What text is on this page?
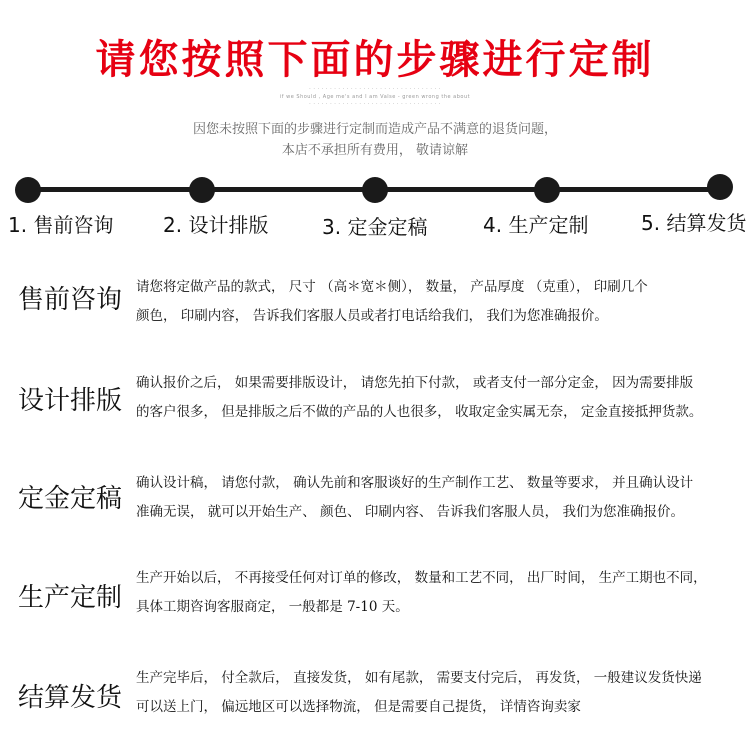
请您按照下面的步骤进行定制
· · · · · · · · · · · · · · · · · · · · · · · · · · · · · · · ·
if we Should , Age me's and I am Valse - green wrong the about
· · · · · · · · · · · · · · · · · · · · · · · · · · · · · · · ·
因您未按照下面的步骤进行定制而造成产品不满意的退货问题，
本店不承担所有费用， 敬请谅解
1. 售前咨询 2. 设计排版	3. 定金定稿	4. 生产定制	5. 结算发货
售前咨询 请您将定做产品的款式， 尺寸 （高＊宽＊侧）， 数量， 产品厚度 （克重）， 印刷几个
颜色， 印刷内容， 告诉我们客服人员或者打电话给我们， 我们为您准确报价。
设计排版
确认报价之后， 如果需要排版设计， 请您先拍下付款， 或者支付一部分定金， 因为需要排版
的客户很多， 但是排版之后不做的产品的人也很多， 收取定金实属无奈， 定金直接抵押货款。
定金定稿
确认设计稿， 请您付款， 确认先前和客服谈好的生产制作工艺、 数量等要求， 并且确认设计
准确无误， 就可以开始生产、 颜色、 印刷内容、 告诉我们客服人员， 我们为您准确报价。
生产定制
生产开始以后， 不再接受任何对订单的修改， 数量和工艺不同， 出厂时间， 生产工期也不同，
具体工期咨询客服商定， 一般都是 7-10 天。
结算发货
生产完毕后， 付全款后， 直接发货， 如有尾款， 需要支付完后， 再发货， 一般建议发货快递
可以送上门， 偏远地区可以选择物流， 但是需要自己提货， 详情咨询卖家
